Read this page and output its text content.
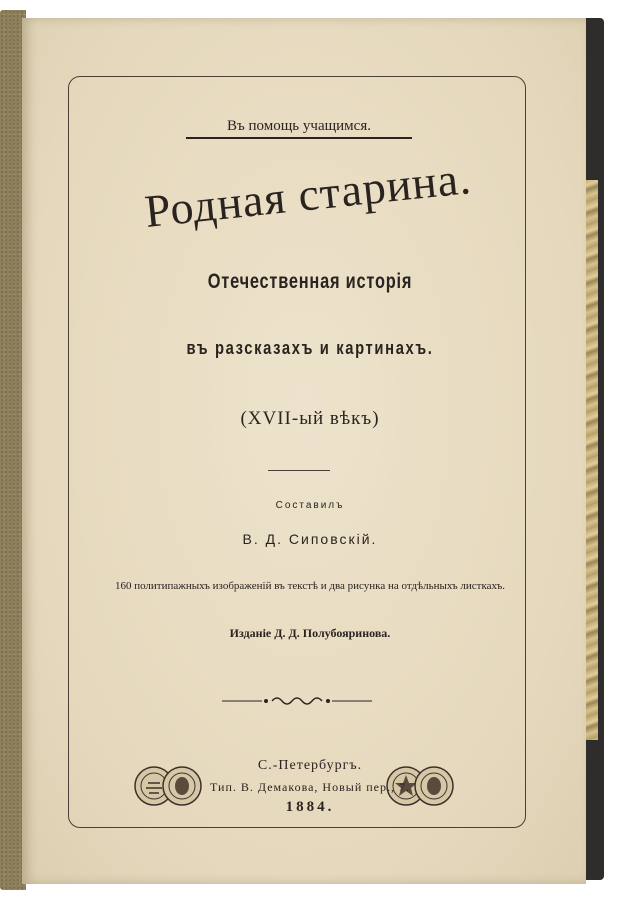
Въ помощь учащимся.
Родная старина.
Отечественная исторія
въ разсказахъ и картинахъ.
(XVII-ый вѣкъ)
Составилъ
В. Д. Сиповскій.
160 политипажныхъ изображеній въ текстѣ и два рисунка на отдѣльныхъ листкахъ.
Изданіе Д. Д. Полубояринова.
С.-Петербургъ.
Тип. В. Демакова, Новый пер., 7.
1884.
